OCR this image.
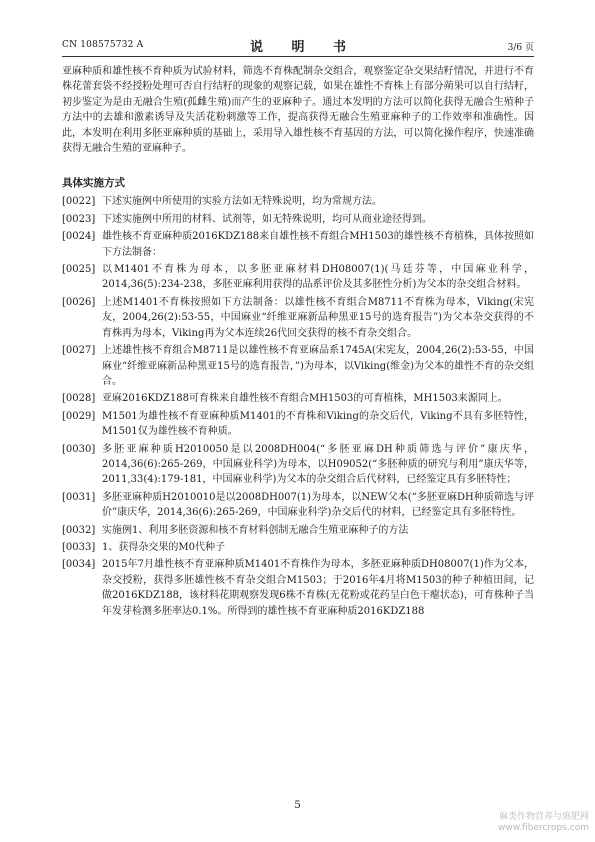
CN 108575732 A	说 明 书	3/6 页

亚麻种质和雄性核不育种质为试验材料，筛选不育株配制杂交组合，观察鉴定杂交果结籽情况，并进行不育株花蕾套袋不经授粉处理可否自行结籽的现象的观察记载，如果在雄性不育株上有部分蒴果可以自行结籽，初步鉴定为是由无融合生殖(孤雌生殖)而产生的亚麻种子。通过本发明的方法可以简化获得无融合生殖种子方法中的去雄和激素诱导及失活花粉刺激等工作，提高获得无融合生殖亚麻种子的工作效率和准确性。因此，本发明在利用多胚亚麻种质的基础上，采用导入雄性核不育基因的方法，可以简化操作程序，快速准确获得无融合生殖的亚麻种子。

具体实施方式
[0022] 下述实施例中所使用的实验方法如无特殊说明，均为常规方法。
[0023] 下述实施例中所用的材料、试剂等，如无特殊说明，均可从商业途径得到。
[0024] 雄性核不育亚麻种质2016KDZ188来自雄性核不育组合MH1503的雄性核不育植株，具体按照如下方法制备：
[0025] 以M1401不育株为母本，以多胚亚麻材料DH08007(1)(马廷芬等，中国麻业科学，2014,36(5):234-238，多胚亚麻利用获得的品系评价及其多胚性分析)为父本的杂交组合材料。
[0026] 上述M1401不育株按照如下方法制备：以雄性核不育组合M8711不育株为母本，Viking(宋宪友，2004,26(2):53-55，中国麻业“纤维亚麻新品种黑亚15号的选育报告”)为父本杂交获得的不育株再为母本，Viking再为父本连续26代回交获得的核不育杂交组合。
[0027] 上述雄性核不育组合M8711是以雄性核不育亚麻品系1745A(宋宪友，2004,26(2):53-55，中国麻业“纤维亚麻新品种黑亚15号的选育报告，”)为母本，以Viking(维金)为父本的雄性不育的杂交组合。
[0028] 亚麻2016KDZ188可育株来自雄性核不育组合MH1503的可育植株，MH1503来源同上。
[0029] M1501为雄性核不育亚麻种质M1401的不育株和Viking的杂交后代，Viking不具有多胚特性，M1501仅为雄性核不育种质。
[0030] 多胚亚麻种质H2010050是以2008DH004(“多胚亚麻DH种质筛选与评价”康庆华，2014,36(6):265-269，中国麻业科学)为母本，以H09052(“多胚种质的研究与利用”康庆华等，2011,33(4):179-181，中国麻业科学)为父本的杂交组合后代材料，已经鉴定具有多胚特性；
[0031] 多胚亚麻种质H2010010是以2008DH007(1)为母本，以NEW父本(“多胚亚麻DH种质筛选与评价”康庆华，2014,36(6):265-269，中国麻业科学)杂交后代的材料，已经鉴定具有多胚特性。
[0032] 实施例1、利用多胚资源和核不育材料创制无融合生殖亚麻种子的方法
[0033] 1、获得杂交果的M0代种子
[0034] 2015年7月雄性核不育亚麻种质M1401不育株作为母本，多胚亚麻种质DH08007(1)作为父本，杂交授粉，获得多胚雄性核不育杂交组合M1503；于2016年4月将M1503的种子种植田间，记做2016KDZ188，该材料花期观察发现6株不育株(无花粉或花药呈白色干瘪状态)，可育株种子当年发芽检测多胚率达0.1%。所得到的雄性核不育亚麻种质2016KDZ188
5
麻类作物营养与施肥网
www.fibercrops.com
